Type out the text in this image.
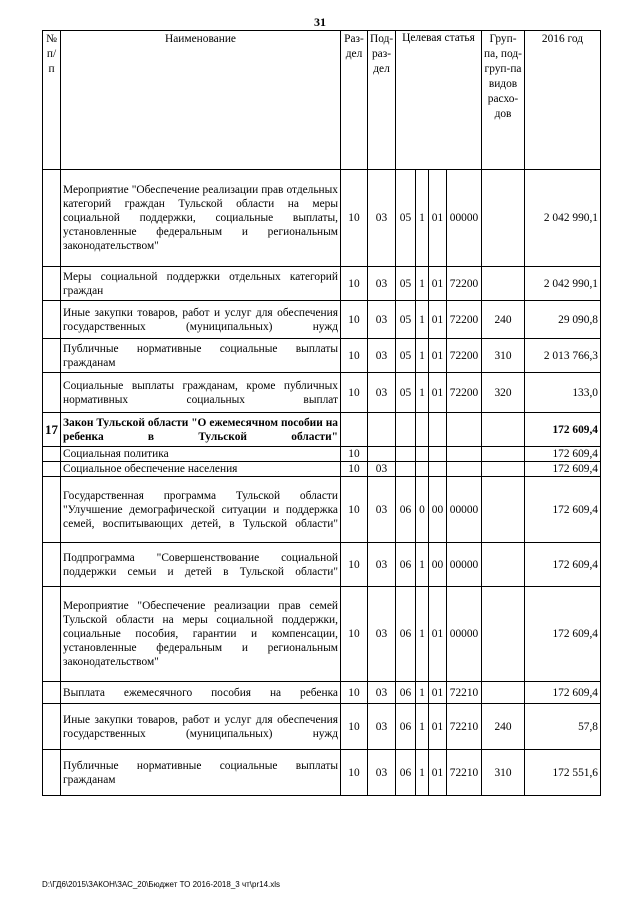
31
№ п/п	Наименование	Раз-дел	Под-раз-дел	Целевая статья				Груп-па, под-груп-па видов расхо-дов	2016 год

	Мероприятие "Обеспечение реализации прав отдельных категорий граждан Тульской области на меры социальной поддержки, социальные выплаты, установленные федеральным и региональным законодательством"	10	03	05	1	01	00000		2 042 990,1
	Меры социальной поддержки отдельных категорий граждан	10	03	05	1	01	72200		2 042 990,1
	Иные закупки товаров, работ и услуг для обеспечения государственных (муниципальных) нужд	10	03	05	1	01	72200	240	29 090,8
	Публичные нормативные социальные выплаты гражданам	10	03	05	1	01	72200	310	2 013 766,3
	Социальные выплаты гражданам, кроме публичных нормативных социальных выплат	10	03	05	1	01	72200	320	133,0
17	Закон Тульской области "О ежемесячном пособии на ребенка в Тульской области"								172 609,4
	Социальная политика	10							172 609,4
	Социальное обеспечение населения	10	03						172 609,4
	Государственная программа Тульской области "Улучшение демографической ситуации и поддержка семей, воспитывающих детей, в Тульской области"	10	03	06	0	00	00000		172 609,4
	Подпрограмма "Совершенствование социальной поддержки семьи и детей в Тульской области"	10	03	06	1	00	00000		172 609,4
	Мероприятие "Обеспечение реализации прав семей Тульской области на меры социальной поддержки, социальные пособия, гарантии и компенсации, установленные федеральным и региональным законодательством"	10	03	06	1	01	00000		172 609,4
	Выплата ежемесячного пособия на ребенка	10	03	06	1	01	72210		172 609,4
	Иные закупки товаров, работ и услуг для обеспечения государственных (муниципальных) нужд	10	03	06	1	01	72210	240	57,8
	Публичные нормативные социальные выплаты гражданам	10	03	06	1	01	72210	310	172 551,6
D:\ГД6\2015\ЗАКОН\ЗАС_20\Бюджет ТО 2016-2018_3 чт\pr14.xls
